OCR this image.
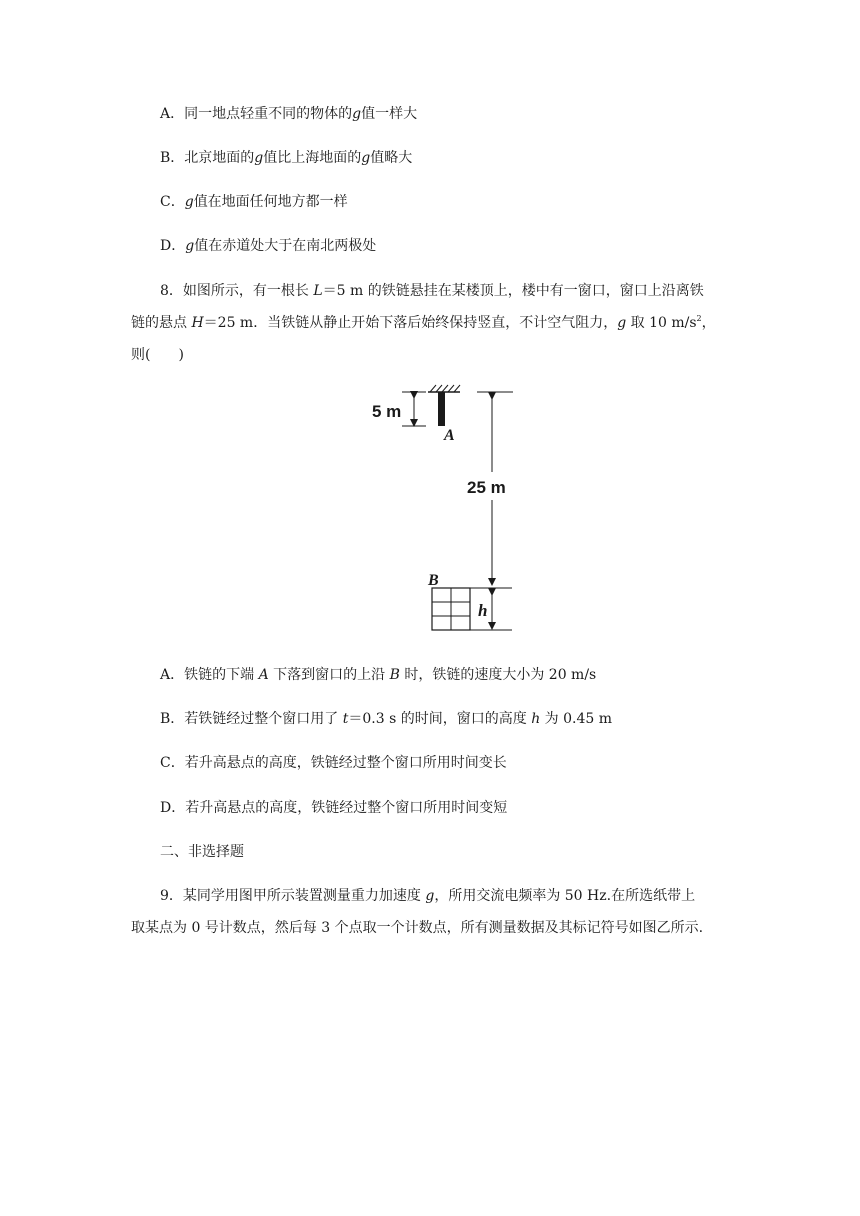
A．同一地点轻重不同的物体的g值一样大
B．北京地面的g值比上海地面的g值略大
C．g值在地面任何地方都一样
D．g值在赤道处大于在南北两极处
8．如图所示，有一根长 L＝5 m 的铁链悬挂在某楼顶上，楼中有一窗口，窗口上沿离铁
链的悬点 H＝25 m．当铁链从静止开始下落后始终保持竖直，不计空气阻力，g 取 10 $m/s^2$，
则(　　)
5 m
A
25 m
B
h
A．铁链的下端 A 下落到窗口的上沿 B 时，铁链的速度大小为 20 m/s
B．若铁链经过整个窗口用了 t＝0.3 s 的时间，窗口的高度 h 为 0.45 m
C．若升高悬点的高度，铁链经过整个窗口所用时间变长
D．若升高悬点的高度，铁链经过整个窗口所用时间变短
二、非选择题
9．某同学用图甲所示装置测量重力加速度 g，所用交流电频率为 50 Hz.在所选纸带上
取某点为 0 号计数点，然后每 3 个点取一个计数点，所有测量数据及其标记符号如图乙所示.
